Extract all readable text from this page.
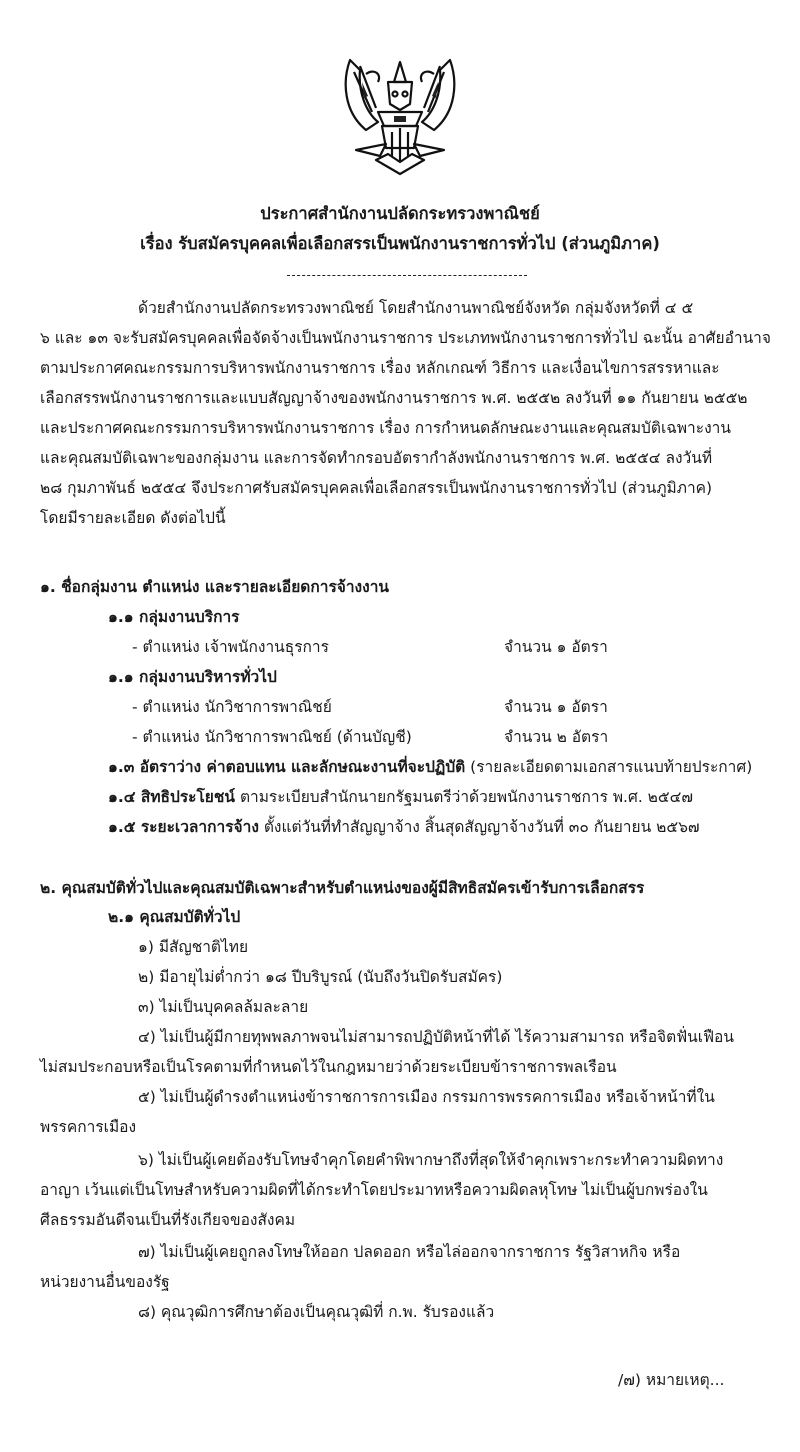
ประกาศสำนักงานปลัดกระทรวงพาณิชย์
เรื่อง รับสมัครบุคคลเพื่อเลือกสรรเป็นพนักงานราชการทั่วไป (ส่วนภูมิภาค)
ด้วยสำนักงานปลัดกระทรวงพาณิชย์ โดยสำนักงานพาณิชย์จังหวัด กลุ่มจังหวัดที่ ๔ ๕
๖ และ ๑๓ จะรับสมัครบุคคลเพื่อจัดจ้างเป็นพนักงานราชการ ประเภทพนักงานราชการทั่วไป ฉะนั้น อาศัยอำนาจ
ตามประกาศคณะกรรมการบริหารพนักงานราชการ เรื่อง หลักเกณฑ์ วิธีการ และเงื่อนไขการสรรหาและ
เลือกสรรพนักงานราชการและแบบสัญญาจ้างของพนักงานราชการ พ.ศ. ๒๕๕๒ ลงวันที่ ๑๑ กันยายน ๒๕๕๒
และประกาศคณะกรรมการบริหารพนักงานราชการ เรื่อง การกำหนดลักษณะงานและคุณสมบัติเฉพาะงาน
และคุณสมบัติเฉพาะของกลุ่มงาน และการจัดทำกรอบอัตรากำลังพนักงานราชการ พ.ศ. ๒๕๕๔ ลงวันที่
๒๘ กุมภาพันธ์ ๒๕๕๔ จึงประกาศรับสมัครบุคคลเพื่อเลือกสรรเป็นพนักงานราชการทั่วไป (ส่วนภูมิภาค)
โดยมีรายละเอียด ดังต่อไปนี้
๑. ชื่อกลุ่มงาน ตำแหน่ง และรายละเอียดการจ้างงาน
๑.๑ กลุ่มงานบริการ
- ตำแหน่ง เจ้าพนักงานธุรการ	จำนวน ๑ อัตรา
๑.๑ กลุ่มงานบริหารทั่วไป
- ตำแหน่ง นักวิชาการพาณิชย์	จำนวน ๑ อัตรา
- ตำแหน่ง นักวิชาการพาณิชย์ (ด้านบัญชี)	จำนวน ๒ อัตรา
๑.๓ อัตราว่าง ค่าตอบแทน และลักษณะงานที่จะปฏิบัติ (รายละเอียดตามเอกสารแนบท้ายประกาศ)
๑.๔ สิทธิประโยชน์ ตามระเบียบสำนักนายกรัฐมนตรีว่าด้วยพนักงานราชการ พ.ศ. ๒๕๔๗
๑.๕ ระยะเวลาการจ้าง ตั้งแต่วันที่ทำสัญญาจ้าง สิ้นสุดสัญญาจ้างวันที่ ๓๐ กันยายน ๒๕๖๗
๒. คุณสมบัติทั่วไปและคุณสมบัติเฉพาะสำหรับตำแหน่งของผู้มีสิทธิสมัครเข้ารับการเลือกสรร
๒.๑ คุณสมบัติทั่วไป
๑) มีสัญชาติไทย
๒) มีอายุไม่ต่ำกว่า ๑๘ ปีบริบูรณ์ (นับถึงวันปิดรับสมัคร)
๓) ไม่เป็นบุคคลล้มละลาย
๔) ไม่เป็นผู้มีกายทุพพลภาพจนไม่สามารถปฏิบัติหน้าที่ได้ ไร้ความสามารถ หรือจิตฟั่นเฟือน
ไม่สมประกอบหรือเป็นโรคตามที่กำหนดไว้ในกฎหมายว่าด้วยระเบียบข้าราชการพลเรือน
๕) ไม่เป็นผู้ดำรงตำแหน่งข้าราชการการเมือง กรรมการพรรคการเมือง หรือเจ้าหน้าที่ใน
พรรคการเมือง
๖) ไม่เป็นผู้เคยต้องรับโทษจำคุกโดยคำพิพากษาถึงที่สุดให้จำคุกเพราะกระทำความผิดทาง
อาญา เว้นแต่เป็นโทษสำหรับความผิดที่ได้กระทำโดยประมาทหรือความผิดลหุโทษ ไม่เป็นผู้บกพร่องใน
ศีลธรรมอันดีจนเป็นที่รังเกียจของสังคม
๗) ไม่เป็นผู้เคยถูกลงโทษให้ออก ปลดออก หรือไล่ออกจากราชการ รัฐวิสาหกิจ หรือ
หน่วยงานอื่นของรัฐ
๘) คุณวุฒิการศึกษาต้องเป็นคุณวุฒิที่ ก.พ. รับรองแล้ว
/๗) หมายเหตุ...
